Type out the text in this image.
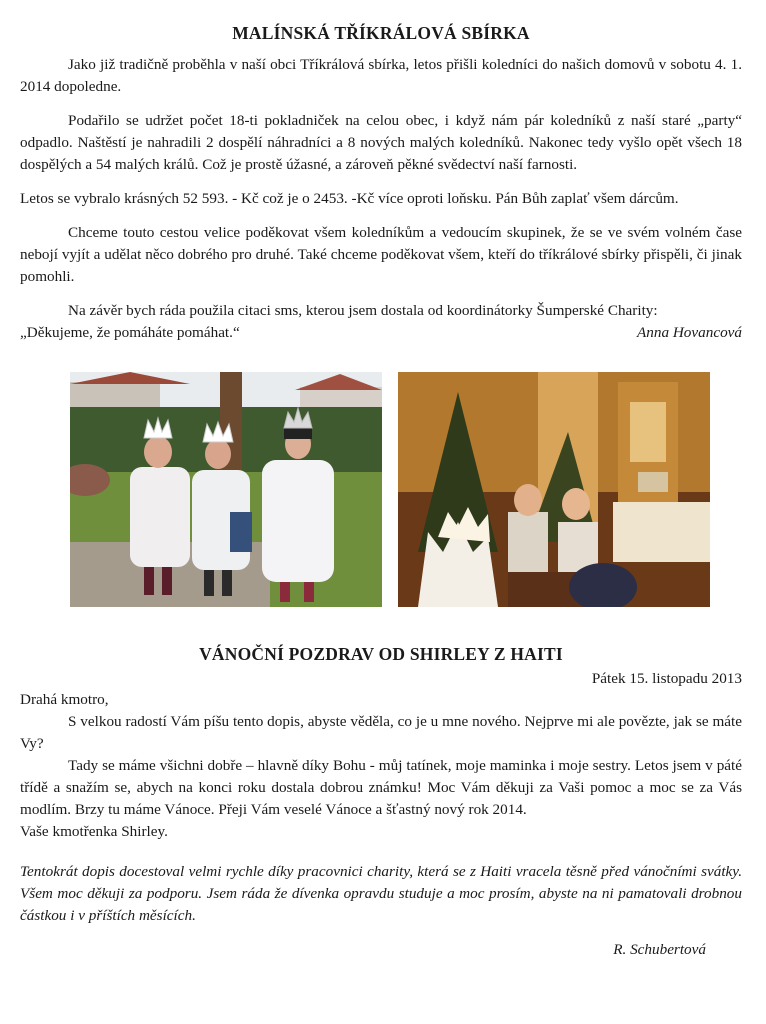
MALÍNSKÁ TŘÍKRÁLOVÁ SBÍRKA

Jako již tradičně proběhla v naší obci Tříkrálová sbírka, letos přišli koledníci do našich domovů v sobotu 4. 1. 2014 dopoledne.

Podařilo se udržet počet 18-ti pokladniček na celou obec, i když nám pár koledníků z naší staré „party“ odpadlo. Naštěstí je nahradili 2 dospělí náhradníci a 8 nových malých koledníků. Nakonec tedy vyšlo opět všech 18 dospělých a 54 malých králů. Což je prostě úžasné, a zároveň pěkné svědectví naší farnosti.

Letos se vybralo krásných 52 593. - Kč což je o 2453. -Kč více oproti loňsku. Pán Bůh zaplať všem dárcům.

Chceme touto cestou velice poděkovat všem koledníkům a vedoucím skupinek, že se ve svém volném čase nebojí vyjít a udělat něco dobrého pro druhé. Také chceme poděkovat všem, kteří do tříkrálové sbírky přispěli, či jinak pomohli.

Na závěr bych ráda použila citaci sms, kterou jsem dostala od koordinátorky Šumperské Charity:

„Děkujeme, že pomáháte pomáhat.“	Anna Hovancová
VÁNOČNÍ POZDRAV OD SHIRLEY Z HAITI
Pátek 15. listopadu 2013

Drahá kmotro,

S velkou radostí Vám píšu tento dopis, abyste věděla, co je u mne nového. Nejprve mi ale povězte, jak se máte Vy?

Tady se máme všichni dobře – hlavně díky Bohu - můj tatínek, moje maminka i moje sestry. Letos jsem v páté třídě a snažím se, abych na konci roku dostala dobrou známku! Moc Vám děkuji za Vaši pomoc a moc se za Vás modlím. Brzy tu máme Vánoce. Přeji Vám veselé Vánoce a šťastný nový rok 2014.

Vaše kmotřenka Shirley.

Tentokrát dopis docestoval velmi rychle díky pracovnici charity, která se z Haiti vracela těsně před vánočními svátky. Všem moc děkuji za podporu. Jsem ráda že dívenka opravdu studuje a moc prosím, abyste na ni pamatovali drobnou částkou i v příštích měsících.

R. Schubertová
